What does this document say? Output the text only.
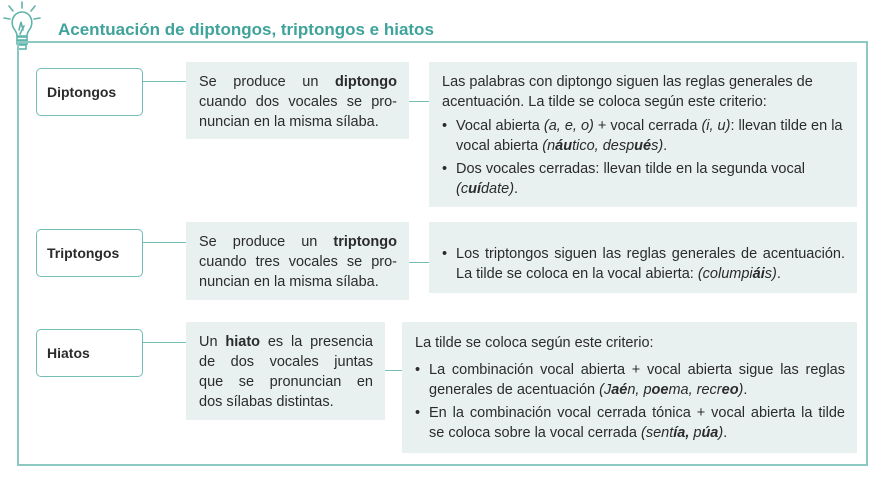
Acentuación de diptongos, triptongos e hiatos
Diptongos

Se produce un diptongo

cuando dos vocales se pro-

nuncian en la misma sílaba.

Las palabras con diptongo siguen las reglas generales de acentuación. La tilde se coloca según este criterio:

• Vocal abierta (a, e, o) + vocal cerrada (i, u): llevan tilde en la vocal abierta (náutico, después).
• Dos vocales cerradas: llevan tilde en la segunda vocal (cuídate).
Triptongos

Se produce un triptongo

cuando tres vocales se pro-

nuncian en la misma sílaba.

• Los triptongos siguen las reglas generales de acentuación. La tilde se coloca en la vocal abierta: (columpiáis).
Hiatos

Un hiato es la presencia

de dos vocales juntas

que se pronuncian en

dos sílabas distintas.

La tilde se coloca según este criterio:

• La combinación vocal abierta + vocal abierta sigue las reglas generales de acentuación (Jaén, poema, recreo).
• En la combinación vocal cerrada tónica + vocal abierta la tilde se coloca sobre la vocal cerrada (sentía, púa).
